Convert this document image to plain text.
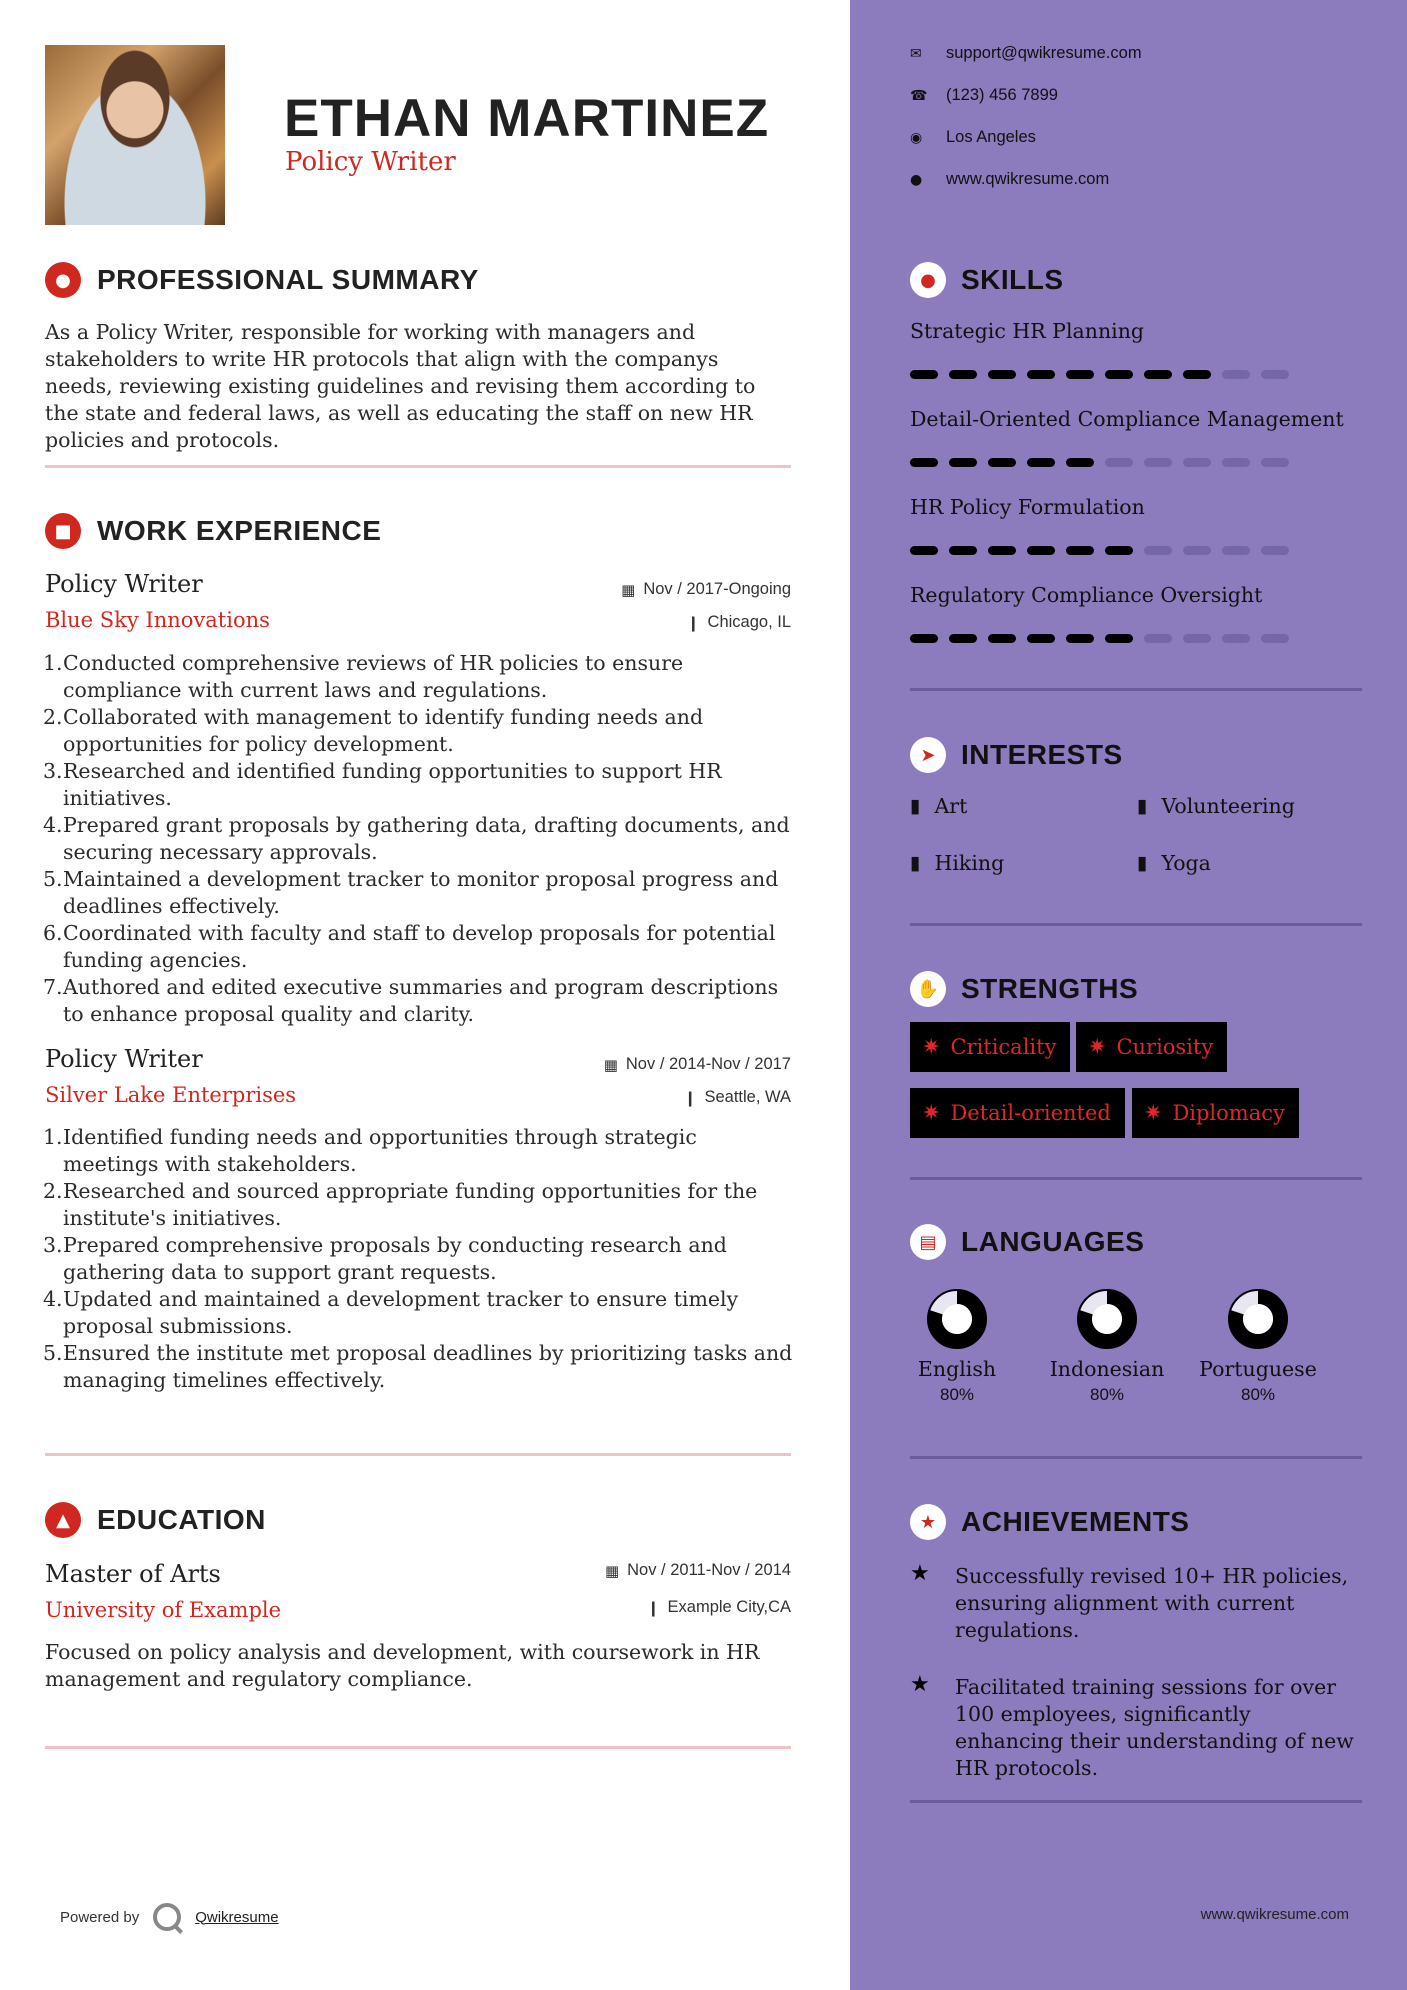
ETHAN MARTINEZ
Policy Writer
● PROFESSIONAL SUMMARY
As a Policy Writer, responsible for working with managers and stakeholders to write HR protocols that align with the companys needs, reviewing existing guidelines and revising them according to the state and federal laws, as well as educating the staff on new HR policies and protocols.
■ WORK EXPERIENCE
Policy Writer	▦ Nov / 2017-Ongoing
Blue Sky Innovations	❙ Chicago, IL
Conducted comprehensive reviews of HR policies to ensure compliance with current laws and regulations.
Collaborated with management to identify funding needs and opportunities for policy development.
Researched and identified funding opportunities to support HR initiatives.
Prepared grant proposals by gathering data, drafting documents, and securing necessary approvals.
Maintained a development tracker to monitor proposal progress and deadlines effectively.
Coordinated with faculty and staff to develop proposals for potential funding agencies.
Authored and edited executive summaries and program descriptions to enhance proposal quality and clarity.
Policy Writer	▦ Nov / 2014-Nov / 2017
Silver Lake Enterprises	❙ Seattle, WA
Identified funding needs and opportunities through strategic meetings with stakeholders.
Researched and sourced appropriate funding opportunities for the institute's initiatives.
Prepared comprehensive proposals by conducting research and gathering data to support grant requests.
Updated and maintained a development tracker to ensure timely proposal submissions.
Ensured the institute met proposal deadlines by prioritizing tasks and managing timelines effectively.
▲ EDUCATION
Master of Arts	▦ Nov / 2011-Nov / 2014
University of Example	❙ Example City,CA
Focused on policy analysis and development, with coursework in HR management and regulatory compliance.
Powered by	Qwikresume
✉	support@qwikresume.com
☎	(123) 456 7899
◉	Los Angeles
●	www.qwikresume.com
● SKILLS
Strategic HR Planning
Detail-Oriented Compliance Management
HR Policy Formulation
Regulatory Compliance Oversight
➤ INTERESTS
▮ Art	▮ Volunteering
▮ Hiking	▮ Yoga
✋ STRENGTHS
✷ Criticality ✷ Curiosity
✷ Detail-oriented ✷ Diplomacy
▤ LANGUAGES
English
80%
Indonesian
80%
Portuguese
80%
★ ACHIEVEMENTS
★	Successfully revised 10+ HR policies, ensuring alignment with current regulations.
★	Facilitated training sessions for over 100 employees, significantly enhancing their understanding of new HR protocols.
www.qwikresume.com
